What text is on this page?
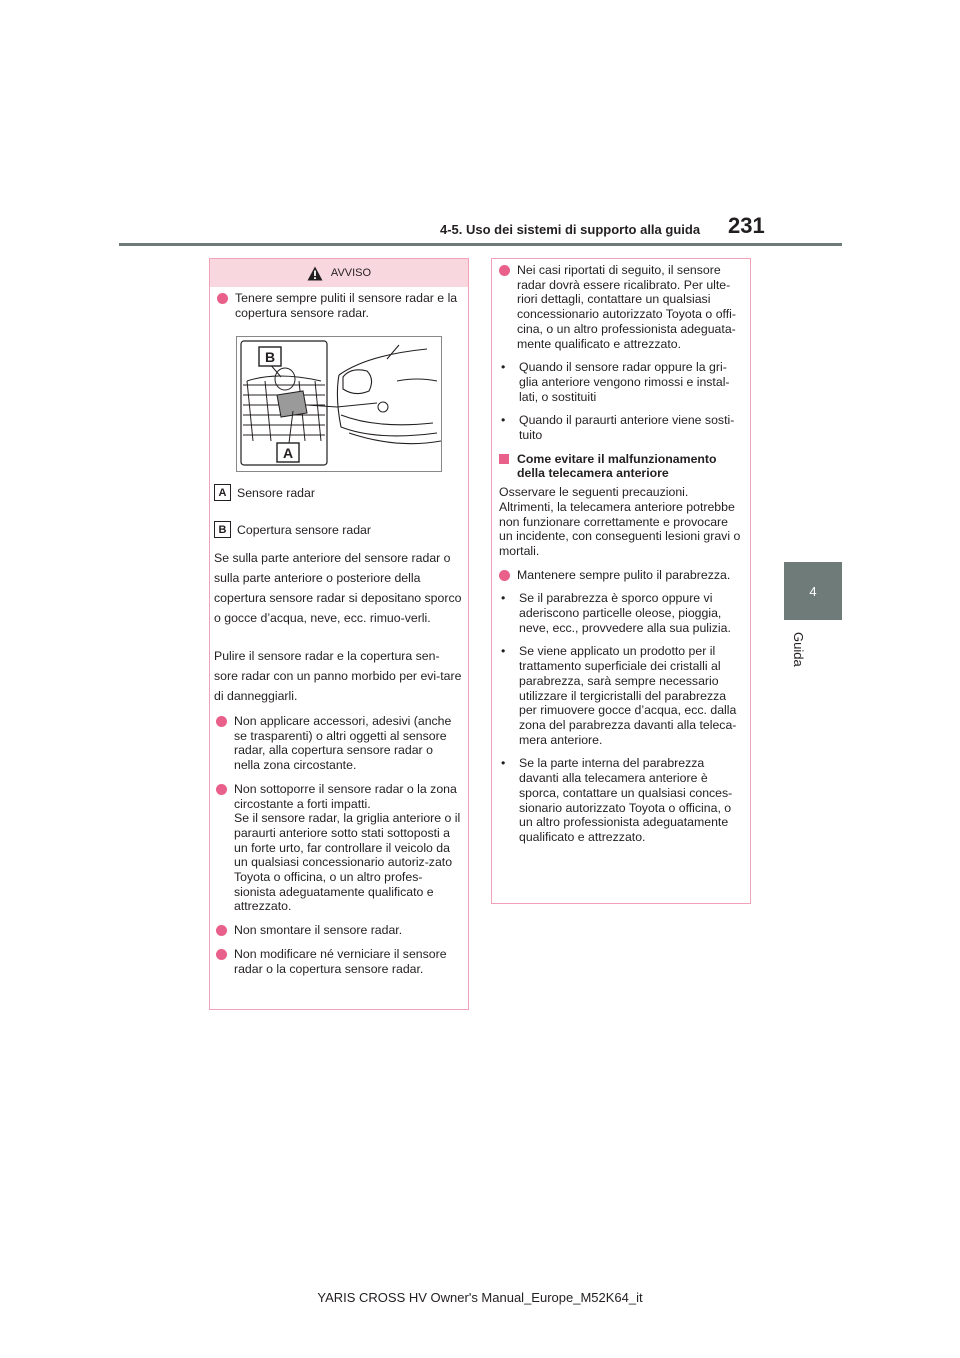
4-5. Uso dei sistemi di supporto alla guida 231
4
Guida
AVVISO
Tenere sempre puliti il sensore radar e la copertura sensore radar.
B
A
A Sensore radar
B Copertura sensore radar
Se sulla parte anteriore del sensore radar o sulla parte anteriore o posteriore della copertura sensore radar si depositano sporco o gocce d’acqua, neve, ecc. rimuo-verli.
Pulire il sensore radar e la copertura sen-sore radar con un panno morbido per evi-tare di danneggiarli.
Non applicare accessori, adesivi (anche se trasparenti) o altri oggetti al sensore radar, alla copertura sensore radar o nella zona circostante.
Non sottoporre il sensore radar o la zona circostante a forti impatti.
Se il sensore radar, la griglia anteriore o il paraurti anteriore sotto stati sottoposti a un forte urto, far controllare il veicolo da un qualsiasi concessionario autoriz-zato Toyota o officina, o un altro profes-sionista adeguatamente qualificato e attrezzato.
Non smontare il sensore radar.
Non modificare né verniciare il sensore radar o la copertura sensore radar.
Nei casi riportati di seguito, il sensore radar dovrà essere ricalibrato. Per ulte-riori dettagli, contattare un qualsiasi concessionario autorizzato Toyota o offi-cina, o un altro professionista adeguata-mente qualificato e attrezzato.
•	Quando il sensore radar oppure la gri-glia anteriore vengono rimossi e instal-lati, o sostituiti
•	Quando il paraurti anteriore viene sosti-tuito
Come evitare il malfunzionamento della telecamera anteriore
Osservare le seguenti precauzioni. Altrimenti, la telecamera anteriore potrebbe non funzionare correttamente e provocare un incidente, con conseguenti lesioni gravi o mortali.
Mantenere sempre pulito il parabrezza.
•	Se il parabrezza è sporco oppure vi aderiscono particelle oleose, pioggia, neve, ecc., provvedere alla sua pulizia.
•	Se viene applicato un prodotto per il trattamento superficiale dei cristalli al parabrezza, sarà sempre necessario utilizzare il tergicristalli del parabrezza per rimuovere gocce d’acqua, ecc. dalla zona del parabrezza davanti alla teleca-mera anteriore.
•	Se la parte interna del parabrezza davanti alla telecamera anteriore è sporca, contattare un qualsiasi conces-sionario autorizzato Toyota o officina, o un altro professionista adeguatamente qualificato e attrezzato.
YARIS CROSS HV Owner's Manual_Europe_M52K64_it
